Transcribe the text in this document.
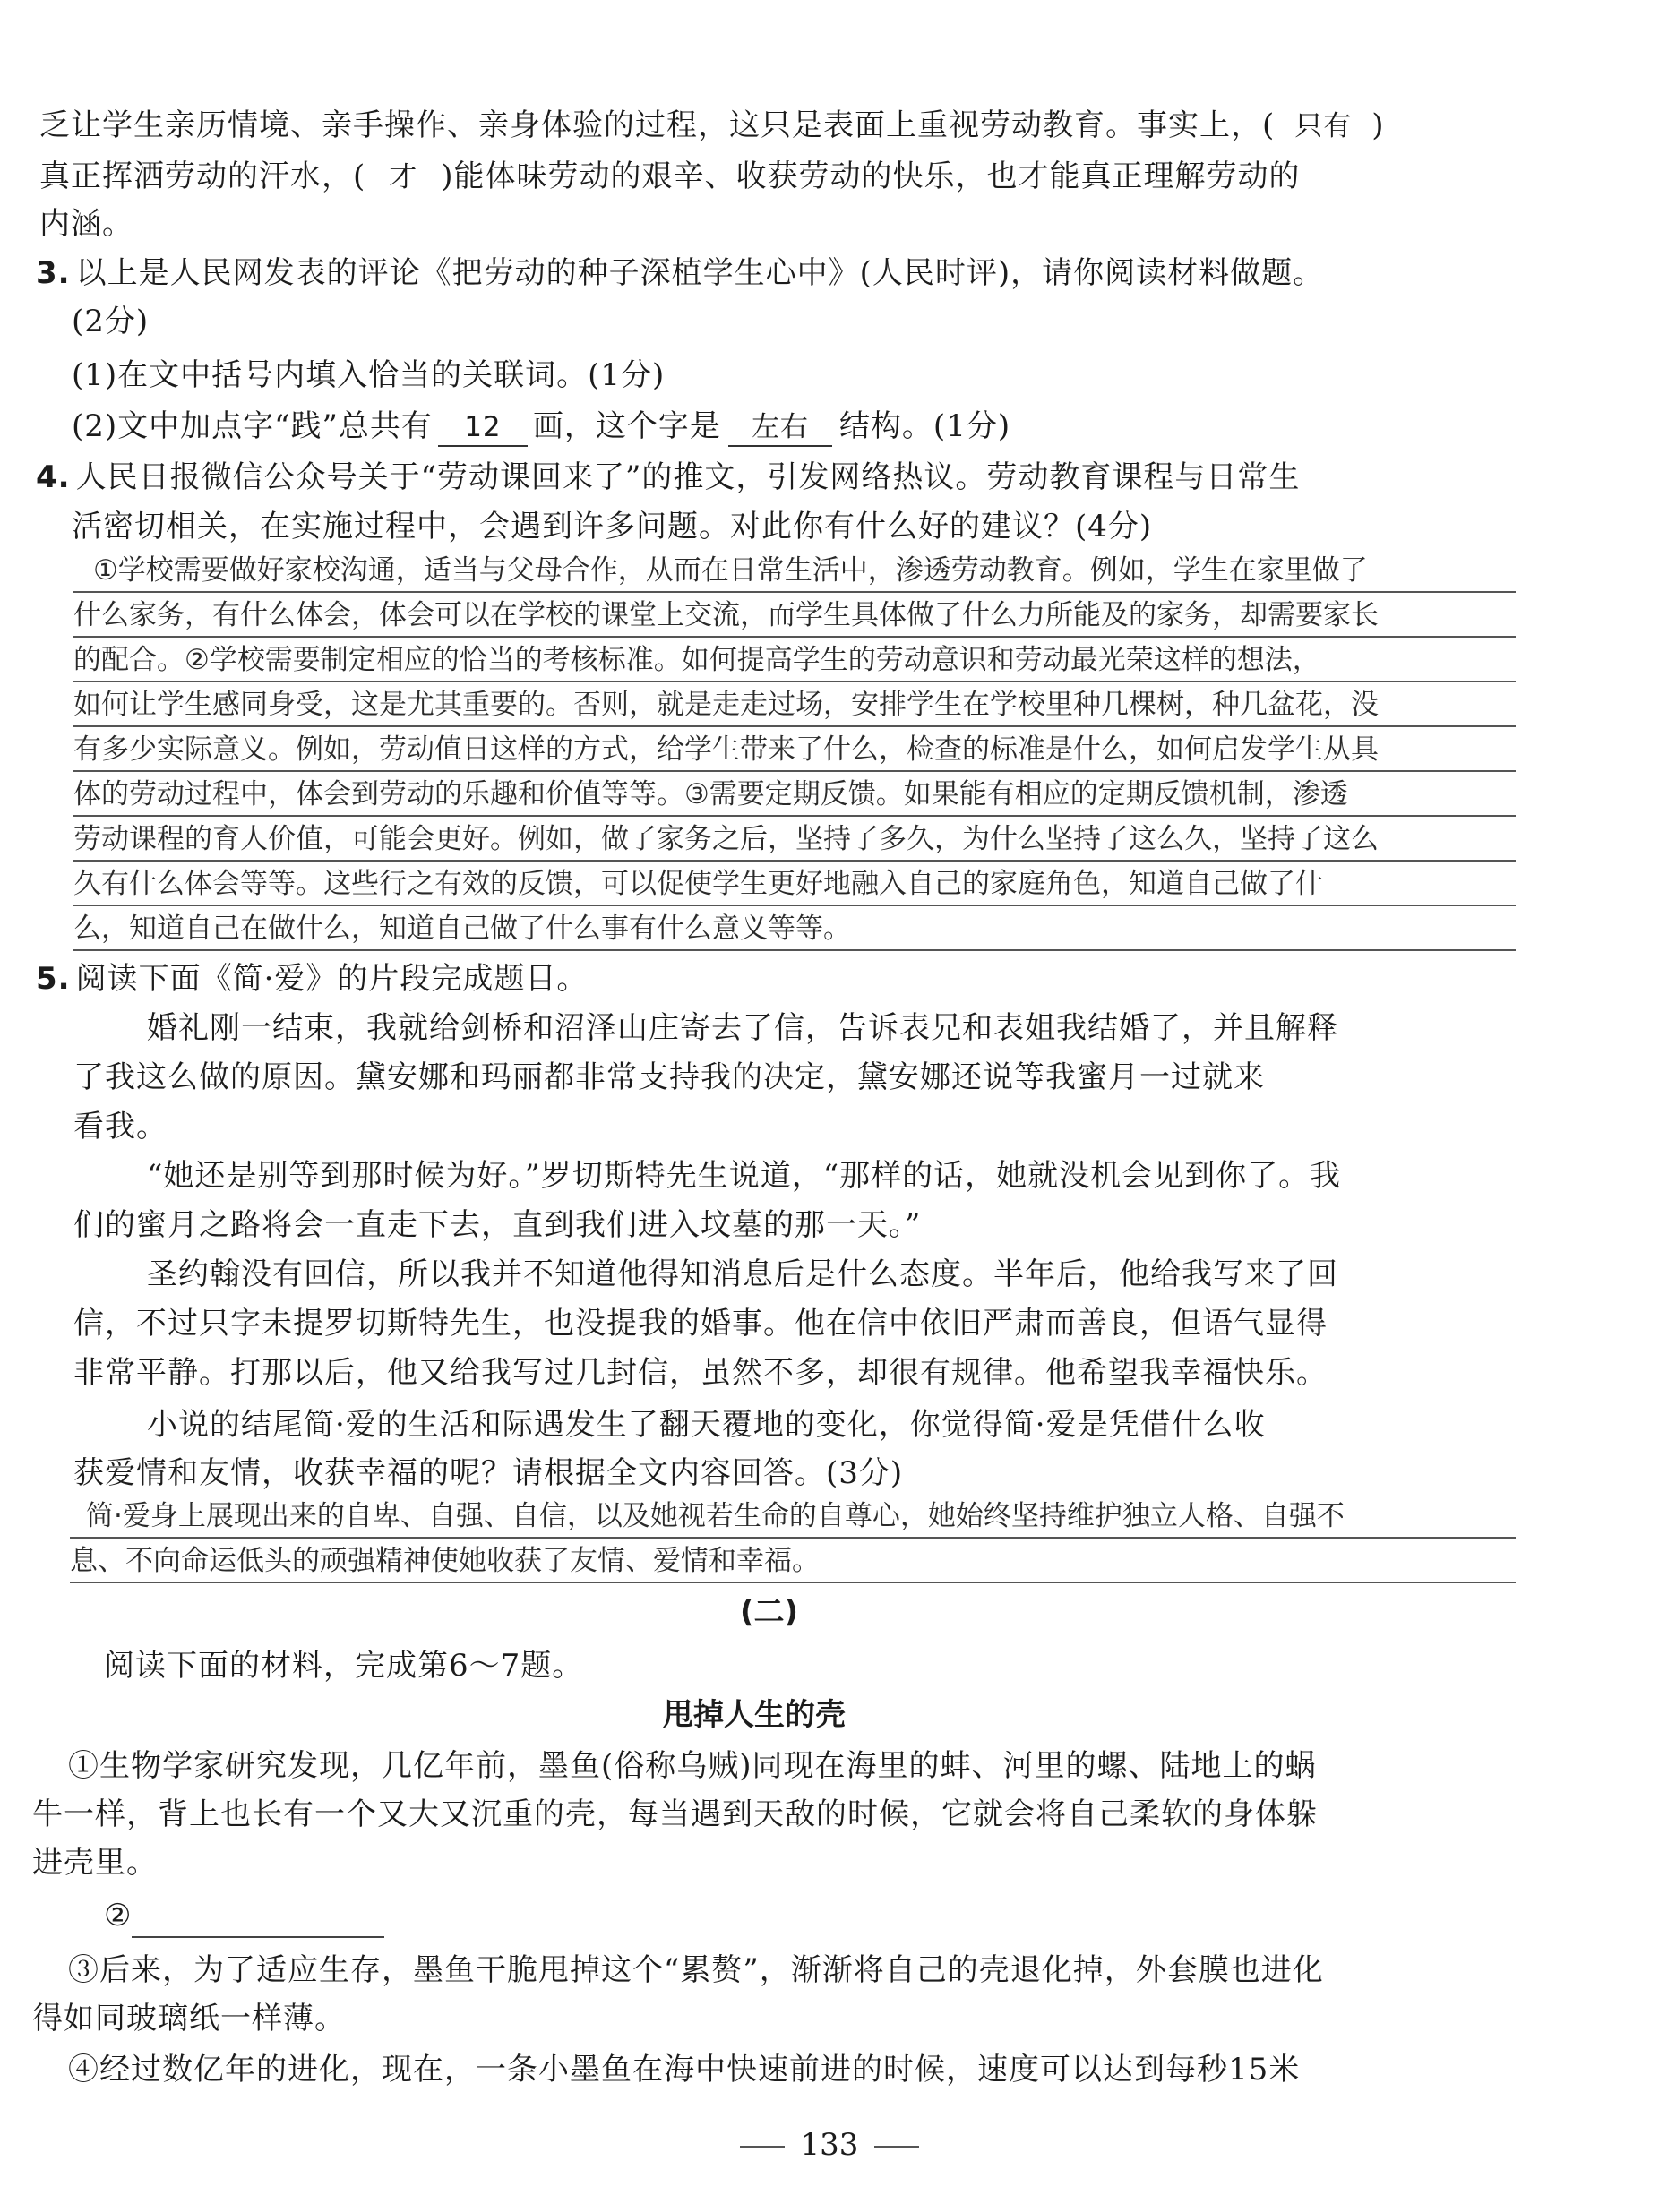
乏让学生亲历情境、亲手操作、亲身体验的过程，这只是表面上重视劳动教育。事实上，( 只有 )
真正挥洒劳动的汗水，( 才 )能体味劳动的艰辛、收获劳动的快乐，也才能真正理解劳动的
内涵。
3. 以上是人民网发表的评论《把劳动的种子深植学生心中》(人民时评)，请你阅读材料做题。
(2分)
(1)在文中括号内填入恰当的关联词。(1分)
(2)文中加点字“践”总共有 12 画，这个字是 左右 结构。(1分)
4. 人民日报微信公众号关于“劳动课回来了”的推文，引发网络热议。劳动教育课程与日常生
活密切相关，在实施过程中，会遇到许多问题。对此你有什么好的建议？(4分)
①学校需要做好家校沟通，适当与父母合作，从而在日常生活中，渗透劳动教育。例如，学生在家里做了
什么家务，有什么体会，体会可以在学校的课堂上交流，而学生具体做了什么力所能及的家务，却需要家长
的配合。②学校需要制定相应的恰当的考核标准。如何提高学生的劳动意识和劳动最光荣这样的想法，
如何让学生感同身受，这是尤其重要的。否则，就是走走过场，安排学生在学校里种几棵树，种几盆花，没
有多少实际意义。例如，劳动值日这样的方式，给学生带来了什么，检查的标准是什么，如何启发学生从具
体的劳动过程中，体会到劳动的乐趣和价值等等。③需要定期反馈。如果能有相应的定期反馈机制，渗透
劳动课程的育人价值，可能会更好。例如，做了家务之后，坚持了多久，为什么坚持了这么久，坚持了这么
久有什么体会等等。这些行之有效的反馈，可以促使学生更好地融入自己的家庭角色，知道自己做了什
么，知道自己在做什么，知道自己做了什么事有什么意义等等。
5. 阅读下面《简·爱》的片段完成题目。
婚礼刚一结束，我就给剑桥和沼泽山庄寄去了信，告诉表兄和表姐我结婚了，并且解释
了我这么做的原因。黛安娜和玛丽都非常支持我的决定，黛安娜还说等我蜜月一过就来
看我。
“她还是别等到那时候为好。”罗切斯特先生说道，“那样的话，她就没机会见到你了。我
们的蜜月之路将会一直走下去，直到我们进入坟墓的那一天。”
圣约翰没有回信，所以我并不知道他得知消息后是什么态度。半年后，他给我写来了回
信，不过只字未提罗切斯特先生，也没提我的婚事。他在信中依旧严肃而善良，但语气显得
非常平静。打那以后，他又给我写过几封信，虽然不多，却很有规律。他希望我幸福快乐。
小说的结尾简·爱的生活和际遇发生了翻天覆地的变化，你觉得简·爱是凭借什么收
获爱情和友情，收获幸福的呢？请根据全文内容回答。(3分)
简·爱身上展现出来的自卑、自强、自信，以及她视若生命的自尊心，她始终坚持维护独立人格、自强不
息、不向命运低头的顽强精神使她收获了友情、爱情和幸福。
(二)
阅读下面的材料，完成第6～7题。
甩掉人生的壳
①生物学家研究发现，几亿年前，墨鱼(俗称乌贼)同现在海里的蚌、河里的螺、陆地上的蜗
牛一样，背上也长有一个又大又沉重的壳，每当遇到天敌的时候，它就会将自己柔软的身体躲
进壳里。
②
③后来，为了适应生存，墨鱼干脆甩掉这个“累赘”，渐渐将自己的壳退化掉，外套膜也进化
得如同玻璃纸一样薄。
④经过数亿年的进化，现在，一条小墨鱼在海中快速前进的时候，速度可以达到每秒15米
133
